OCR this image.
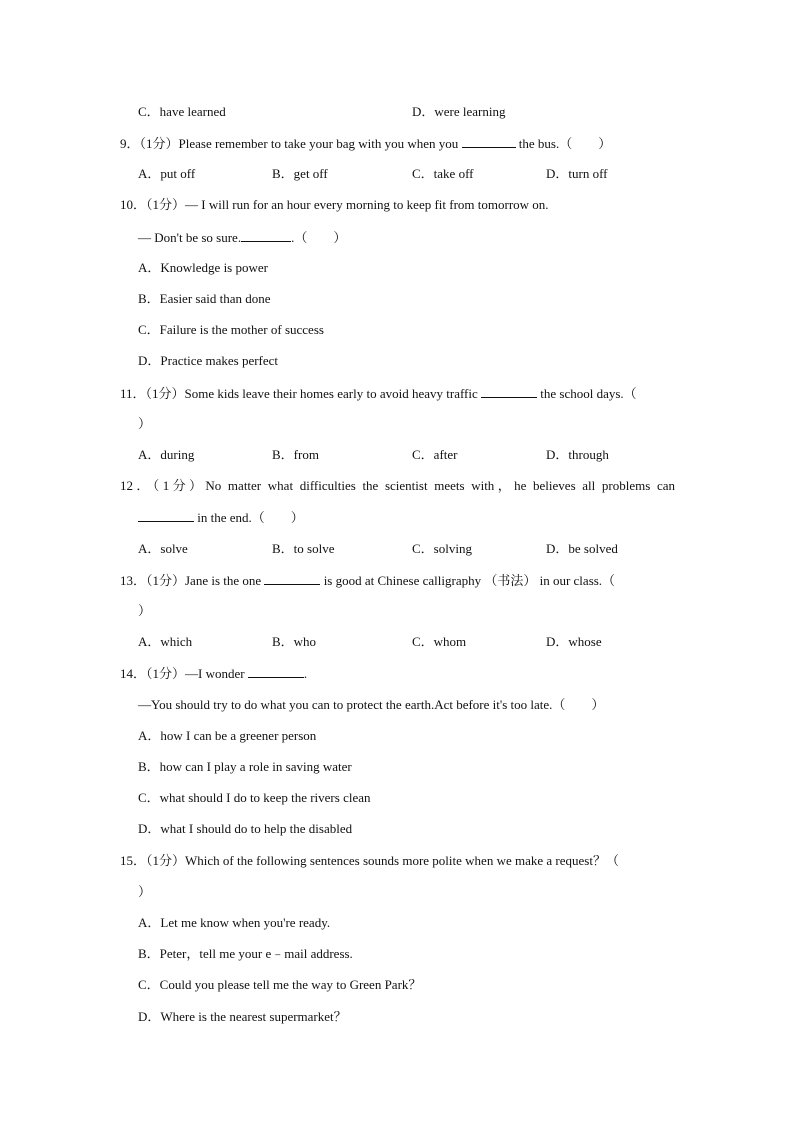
C．have learned	D．were learning
9．（1分）Please remember to take your bag with you when you	the bus.（　　）
A．put off	B．get off	C．take off	D．turn off
10．（1分）— I will run for an hour every morning to keep fit from tomorrow on.
— Don't be so sure.	.（　　）
A．Knowledge is power
B．Easier said than done
C．Failure is the mother of success
D．Practice makes perfect
11．（1分）Some kids leave their homes early to avoid heavy traffic	the school days.（
）
A．during	B．from	C．after	D．through
12．（1分）No matter what difficulties the scientist meets with，he believes all problems can
in the end.（　　）
A．solve	B．to solve	C．solving	D．be solved
13．（1分）Jane is the one	is good at Chinese calligraphy （书法） in our class.（
）
A．which	B．who	C．whom	D．whose
14．（1分）—I wonder	.
—You should try to do what you can to protect the earth.Act before it's too late.（　　）
A．how I can be a greener person
B．how can I play a role in saving water
C．what should I do to keep the rivers clean
D．what I should do to help the disabled
15．（1分）Which of the following sentences sounds more polite when we make a request？（
）
A．Let me know when you're ready.
B．Peter，tell me your e﹣mail address.
C．Could you please tell me the way to Green Park？
D．Where is the nearest supermarket？
